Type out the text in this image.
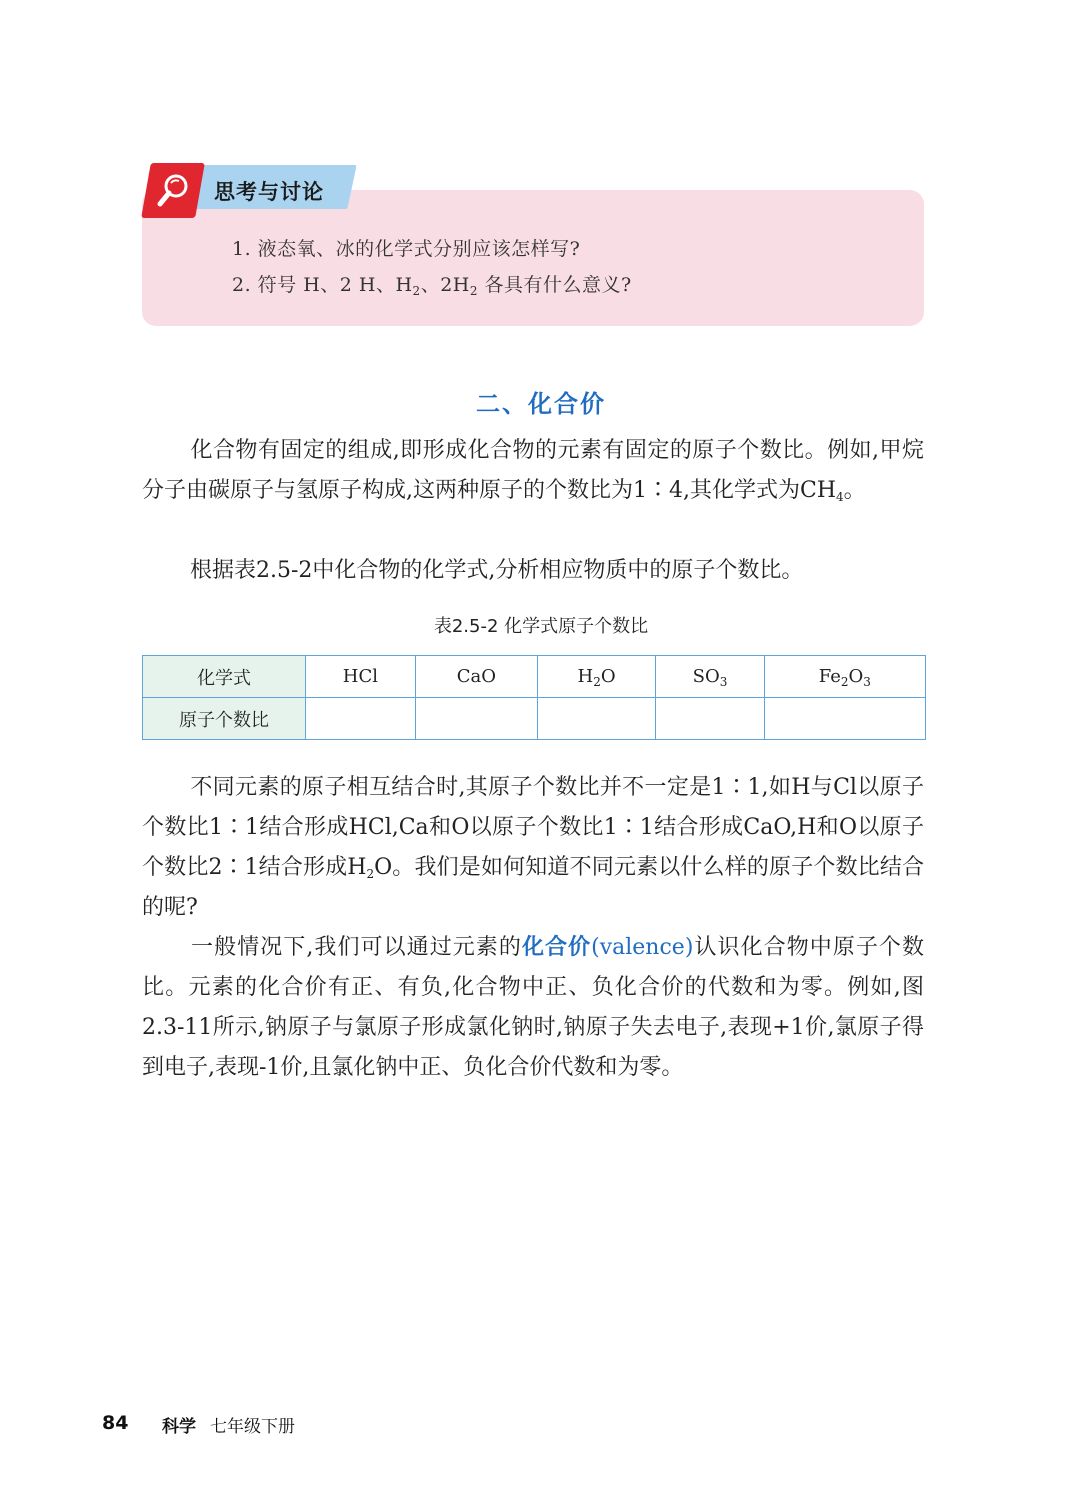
思考与讨论
1. 液态氧、冰的化学式分别应该怎样写?
2. 符号 H、2 H、$H_2$、$2H_2$ 各具有什么意义?
二、化合价
化合物有固定的组成,即形成化合物的元素有固定的原子个数比。例如,甲烷分子由碳原子与氢原子构成,这两种原子的个数比为1∶4,其化学式为$CH_4$。
根据表2.5-2中化合物的化学式,分析相应物质中的原子个数比。
表2.5-2 化学式原子个数比
化学式	HCl	CaO	$H_2O$	$SO_3$	$Fe_2O_3$
原子个数比					
不同元素的原子相互结合时,其原子个数比并不一定是1∶1,如H与Cl以原子个数比1∶1结合形成HCl,Ca和O以原子个数比1∶1结合形成CaO,H和O以原子个数比2∶1结合形成$H_2O$。我们是如何知道不同元素以什么样的原子个数比结合的呢?
一般情况下,我们可以通过元素的化合价(valence)认识化合物中原子个数比。元素的化合价有正、有负,化合物中正、负化合价的代数和为零。例如,图2.3-11所示,钠原子与氯原子形成氯化钠时,钠原子失去电子,表现+1价,氯原子得到电子,表现-1价,且氯化钠中正、负化合价代数和为零。
84 科学 七年级下册
